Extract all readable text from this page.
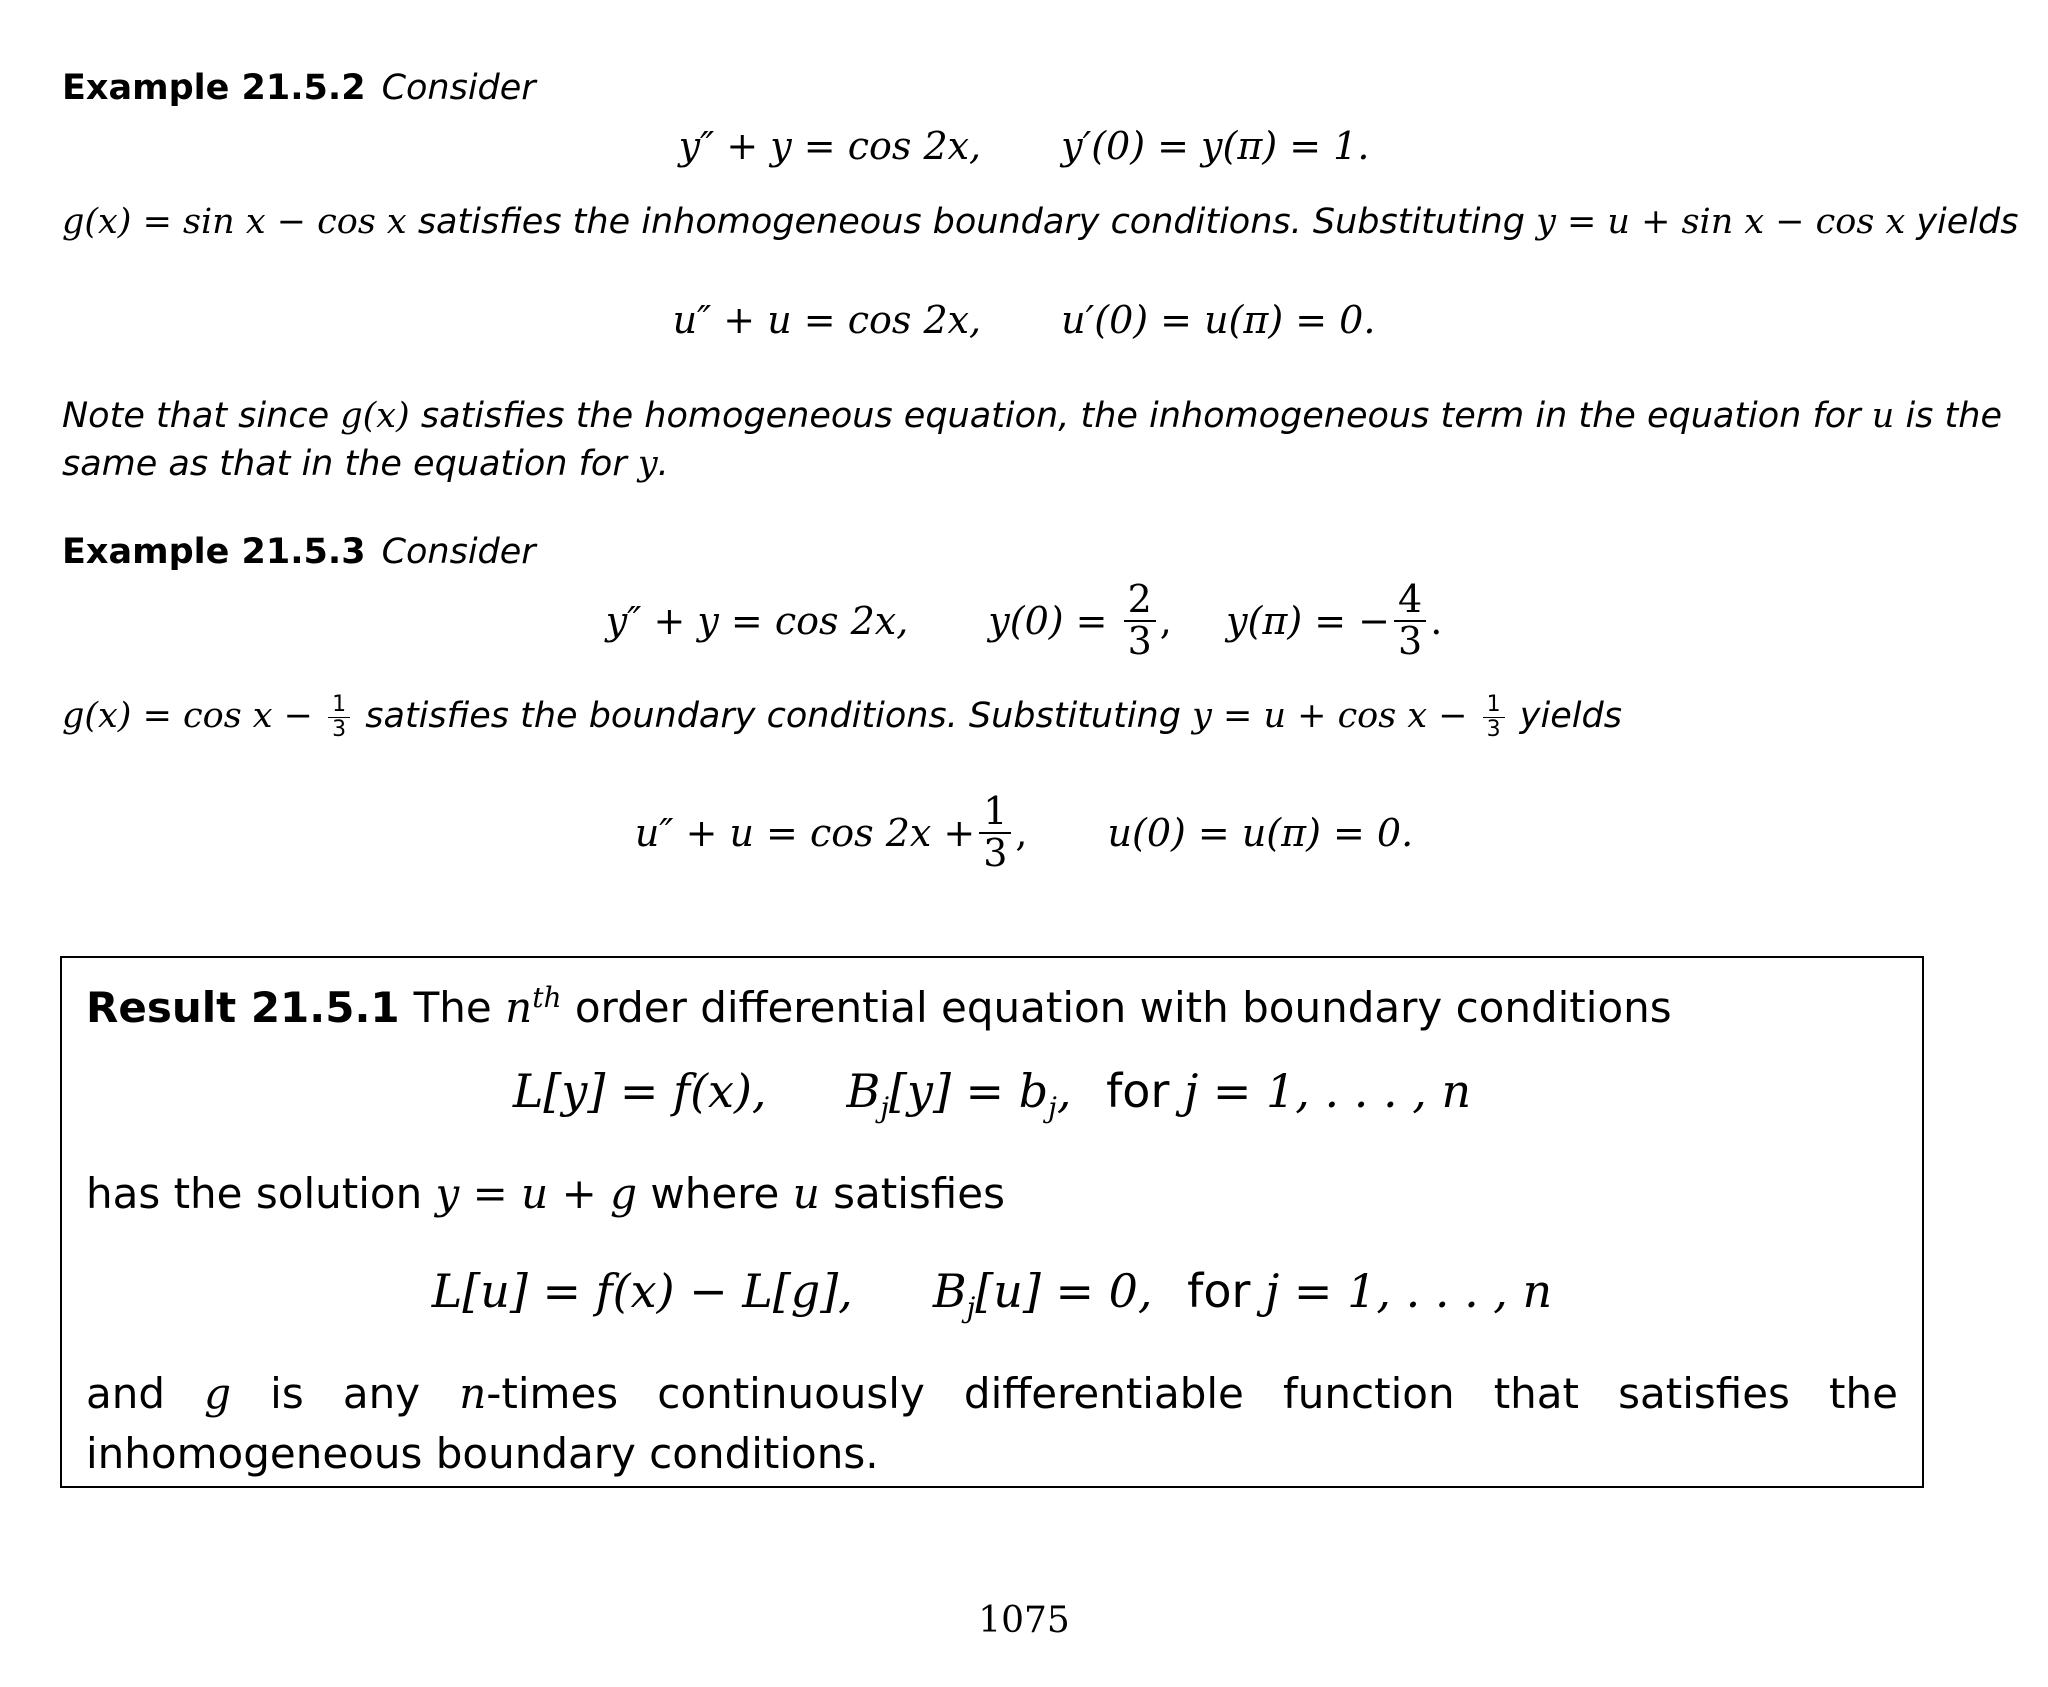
Example 21.5.2 Consider
y″ + y = cos 2x, y′(0) = y(π) = 1.
g(x) = sin x − cos x satisfies the inhomogeneous boundary conditions. Substituting y = u + sin x − cos x yields
u″ + u = cos 2x, u′(0) = u(π) = 0.
Note that since g(x) satisfies the homogeneous equation, the inhomogeneous term in the equation for u is the same as that in the equation for y.
Example 21.5.3 Consider
y″ + y = cos 2x, $y(0) = \frac{2}{3}$ , y(π) = − $\frac{4}{3}$ .
$g(x) = \cos x - \frac{1}{3}$ satisfies the boundary conditions. Substituting $y = u + \cos x - \frac{1}{3}$ yields
$u'' + u = \cos 2x + \frac{1}{3}$ , u(0) = u(π) = 0.
Result 21.5.1 The $n^{th}$ order differential equation with boundary conditions
L[y] = f(x), $B_j[y] = b_j$, for j = 1, . . . , n
has the solution y = u + g where u satisfies
L[u] = f(x) − L[g], $B_j[u] = 0$, for j = 1, . . . , n
and g is any n-times continuously differentiable function that satisfies the inhomogeneous boundary conditions.
1075
